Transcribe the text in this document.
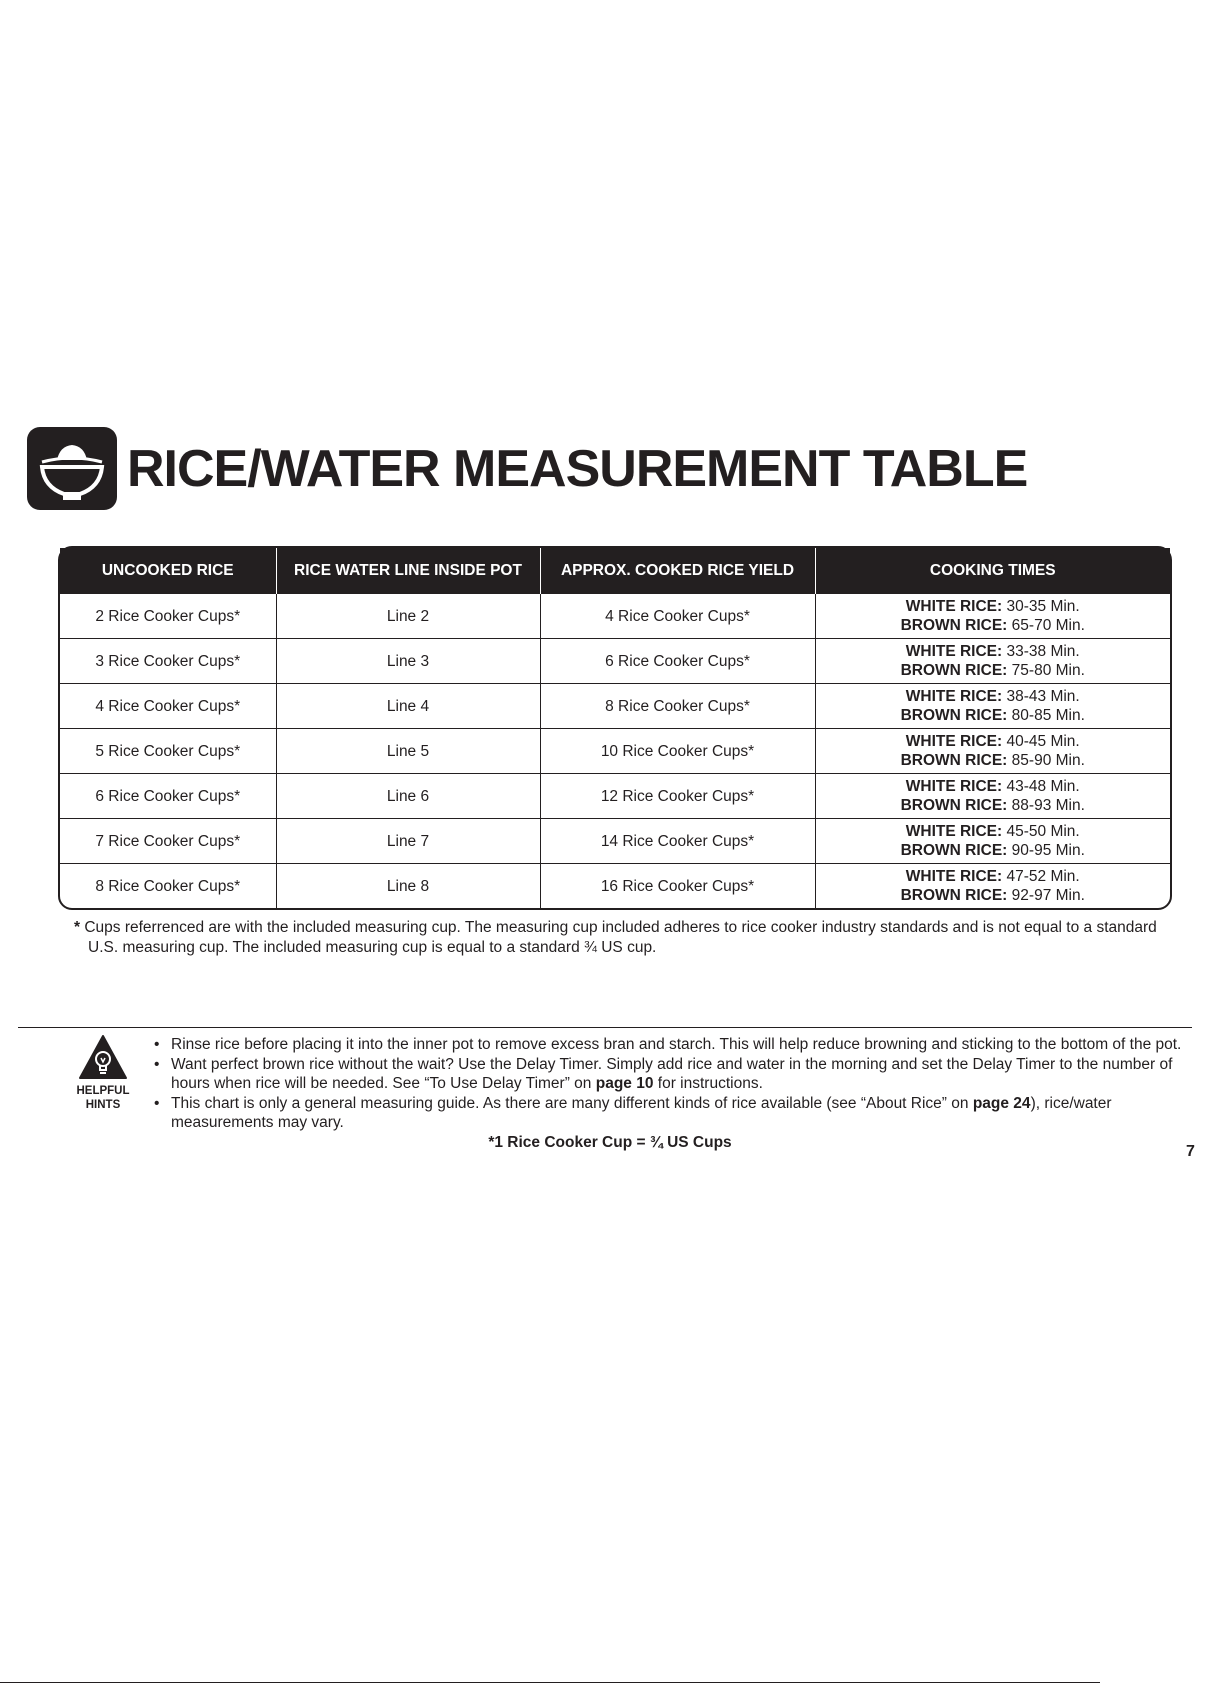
RICE/WATER MEASUREMENT TABLE
UNCOOKED RICE	RICE WATER LINE INSIDE POT	APPROX. COOKED RICE YIELD	COOKING TIMES
2 Rice Cooker Cups*	Line 2	4 Rice Cooker Cups*	WHITE RICE: 30-35 Min.
BROWN RICE: 65-70 Min.

3 Rice Cooker Cups*	Line 3	6 Rice Cooker Cups*	WHITE RICE: 33-38 Min.
BROWN RICE: 75-80 Min.

4 Rice Cooker Cups*	Line 4	8 Rice Cooker Cups*	WHITE RICE: 38-43 Min.
BROWN RICE: 80-85 Min.

5 Rice Cooker Cups*	Line 5	10 Rice Cooker Cups*	WHITE RICE: 40-45 Min.
BROWN RICE: 85-90 Min.

6 Rice Cooker Cups*	Line 6	12 Rice Cooker Cups*	WHITE RICE: 43-48 Min.
BROWN RICE: 88-93 Min.

7 Rice Cooker Cups*	Line 7	14 Rice Cooker Cups*	WHITE RICE: 45-50 Min.
BROWN RICE: 90-95 Min.

8 Rice Cooker Cups*	Line 8	16 Rice Cooker Cups*	WHITE RICE: 47-52 Min.
BROWN RICE: 92-97 Min.
* Cups referrenced are with the included measuring cup. The measuring cup included adheres to rice cooker industry standards and is not equal to a standard
U.S. measuring cup. The included measuring cup is equal to a standard ¾ US cup.
HELPFUL
HINTS
• Rinse rice before placing it into the inner pot to remove excess bran and starch. This will help reduce browning and sticking to the bottom of the pot.
• Want perfect brown rice without the wait? Use the Delay Timer. Simply add rice and water in the morning and set the Delay Timer to the number of hours when rice will be needed. See “To Use Delay Timer” on page 10 for instructions.
• This chart is only a general measuring guide. As there are many different kinds of rice available (see “About Rice” on page 24), rice/water measurements may vary.
*1 Rice Cooker Cup = ¾ US Cups
7
